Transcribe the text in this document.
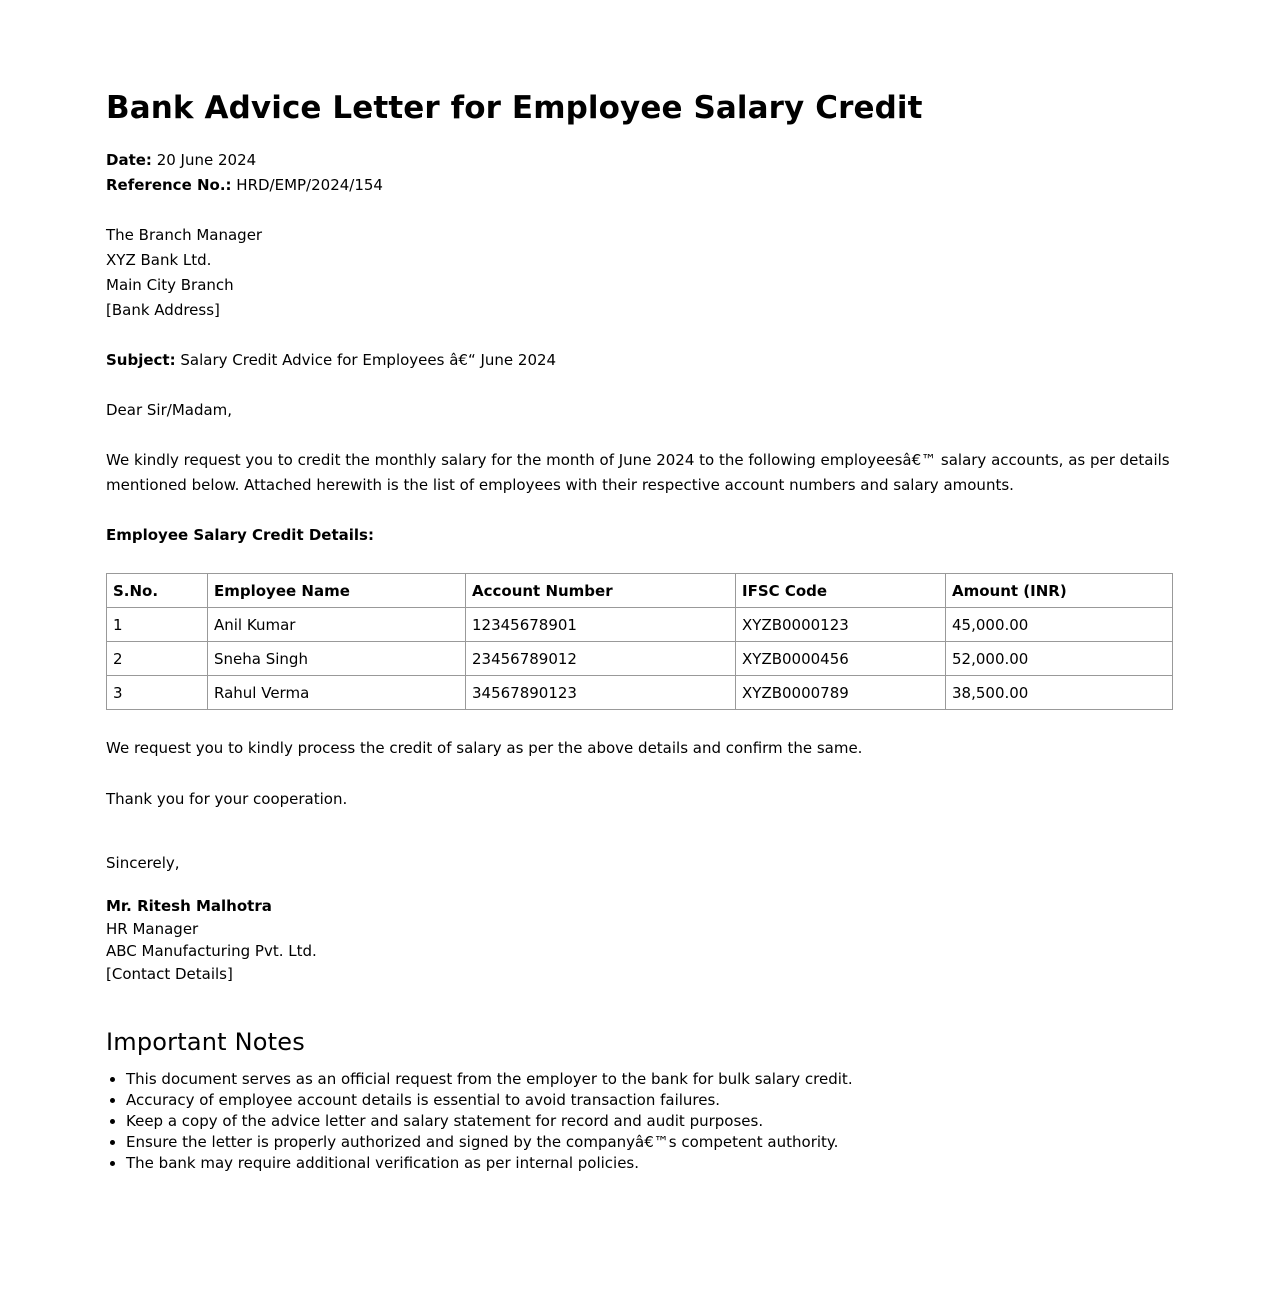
Bank Advice Letter for Employee Salary Credit
Date: 20 June 2024
Reference No.: HRD/EMP/2024/154
The Branch Manager
XYZ Bank Ltd.
Main City Branch
[Bank Address]
Subject: Salary Credit Advice for Employees â€“ June 2024
Dear Sir/Madam,
We kindly request you to credit the monthly salary for the month of June 2024 to the following employeesâ€™ salary accounts, as per details mentioned below. Attached herewith is the list of employees with their respective account numbers and salary amounts.
Employee Salary Credit Details:
S.No.	Employee Name	Account Number	IFSC Code	Amount (INR)
1	Anil Kumar	12345678901	XYZB0000123	45,000.00
2	Sneha Singh	23456789012	XYZB0000456	52,000.00
3	Rahul Verma	34567890123	XYZB0000789	38,500.00
We request you to kindly process the credit of salary as per the above details and confirm the same.
Thank you for your cooperation.
Sincerely,
Mr. Ritesh Malhotra
HR Manager
ABC Manufacturing Pvt. Ltd.
[Contact Details]
Important Notes
• This document serves as an official request from the employer to the bank for bulk salary credit.
• Accuracy of employee account details is essential to avoid transaction failures.
• Keep a copy of the advice letter and salary statement for record and audit purposes.
• Ensure the letter is properly authorized and signed by the companyâ€™s competent authority.
• The bank may require additional verification as per internal policies.
